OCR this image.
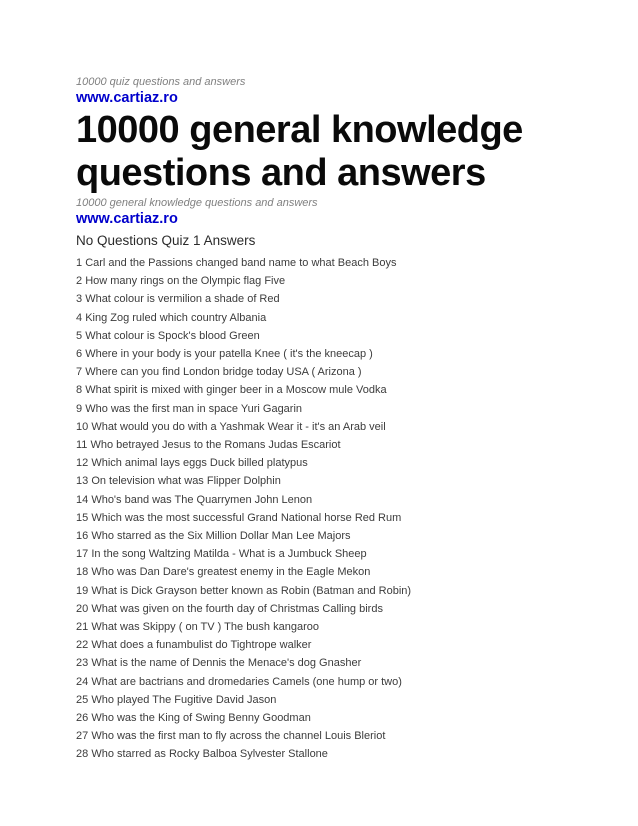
10000 quiz questions and answers
www.cartiaz.ro
10000 general knowledge questions and answers
10000 general knowledge questions and answers
www.cartiaz.ro
No Questions Quiz 1 Answers
1 Carl and the Passions changed band name to what Beach Boys
2 How many rings on the Olympic flag Five
3 What colour is vermilion a shade of Red
4 King Zog ruled which country Albania
5 What colour is Spock's blood Green
6 Where in your body is your patella Knee ( it's the kneecap )
7 Where can you find London bridge today USA ( Arizona )
8 What spirit is mixed with ginger beer in a Moscow mule Vodka
9 Who was the first man in space Yuri Gagarin
10 What would you do with a Yashmak Wear it - it's an Arab veil
11 Who betrayed Jesus to the Romans Judas Escariot
12 Which animal lays eggs Duck billed platypus
13 On television what was Flipper Dolphin
14 Who's band was The Quarrymen John Lenon
15 Which was the most successful Grand National horse Red Rum
16 Who starred as the Six Million Dollar Man Lee Majors
17 In the song Waltzing Matilda - What is a Jumbuck Sheep
18 Who was Dan Dare's greatest enemy in the Eagle Mekon
19 What is Dick Grayson better known as Robin (Batman and Robin)
20 What was given on the fourth day of Christmas Calling birds
21 What was Skippy ( on TV ) The bush kangaroo
22 What does a funambulist do Tightrope walker
23 What is the name of Dennis the Menace's dog Gnasher
24 What are bactrians and dromedaries Camels (one hump or two)
25 Who played The Fugitive David Jason
26 Who was the King of Swing Benny Goodman
27 Who was the first man to fly across the channel Louis Bleriot
28 Who starred as Rocky Balboa Sylvester Stallone
